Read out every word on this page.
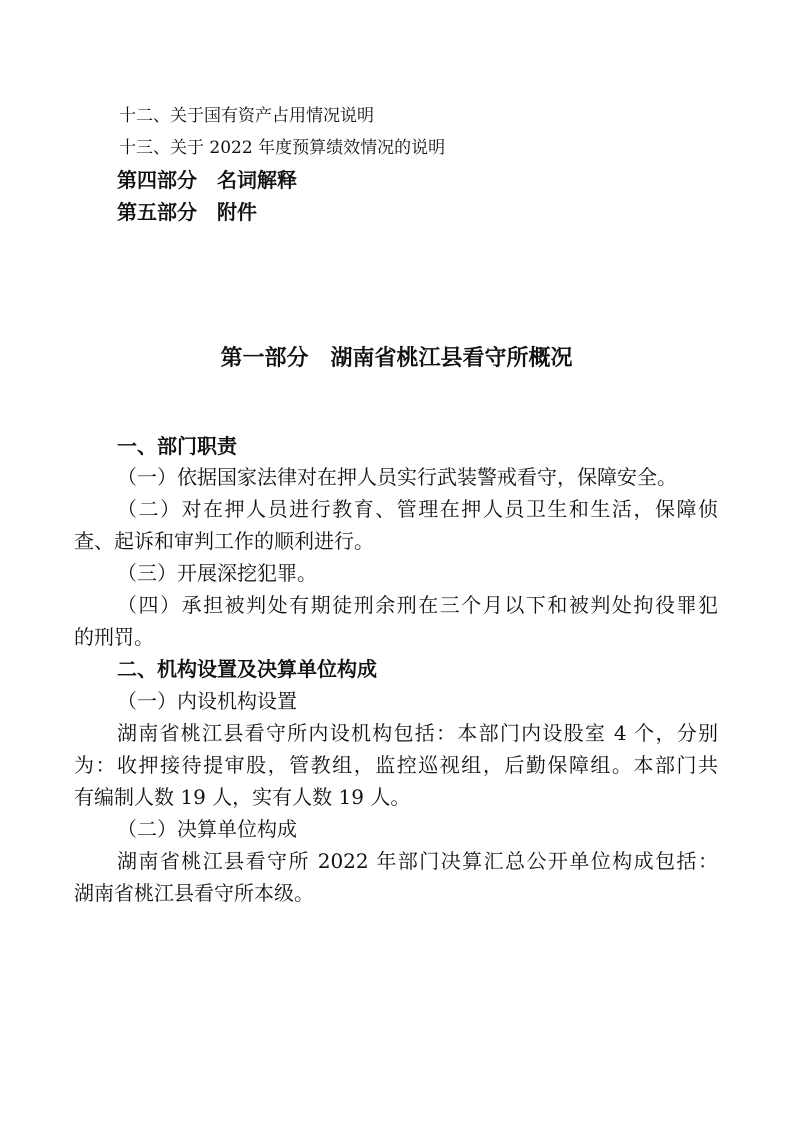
十二、关于国有资产占用情况说明
十三、关于 2022 年度预算绩效情况的说明
第四部分　名词解释
第五部分　附件
第一部分　湖南省桃江县看守所概况
一、部门职责
（一）依据国家法律对在押人员实行武装警戒看守，保障安全。
（二）对在押人员进行教育、管理在押人员卫生和生活，保障侦
查、起诉和审判工作的顺利进行。
（三）开展深挖犯罪。
（四）承担被判处有期徒刑余刑在三个月以下和被判处拘役罪犯
的刑罚。
二、机构设置及决算单位构成
（一）内设机构设置
湖南省桃江县看守所内设机构包括：本部门内设股室 4 个，分别
为：收押接待提审股，管教组，监控巡视组，后勤保障组。本部门共
有编制人数 19 人，实有人数 19 人。
（二）决算单位构成
湖南省桃江县看守所 2022 年部门决算汇总公开单位构成包括：
湖南省桃江县看守所本级。
